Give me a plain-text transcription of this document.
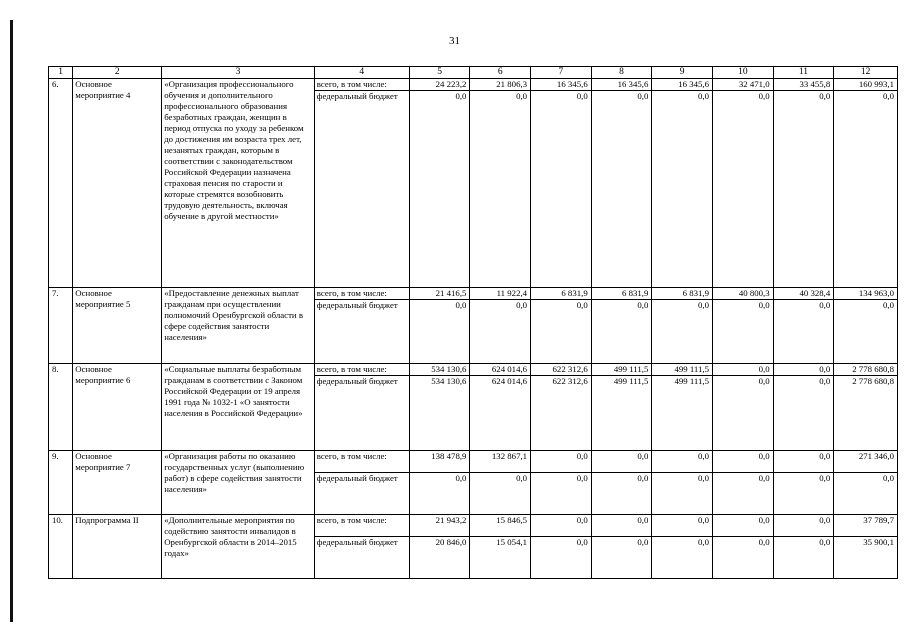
31
1	2	3	4	5	6	7	8	9	10	11	12
6.	Основное мероприятие 4	«Организация профессионального обучения и дополнительного профессионального образования безработных граждан, женщин в период отпуска по уходу за ребенком до достижения им возраста трех лет, незанятых граждан, которым в соответствии с законодательством Российской Федерации назначена страховая пенсия по старости и которые стремятся возобновить трудовую деятельность, включая обучение в другой местности»	всего, в том числе:	24 223,2	21 806,3	16 345,6	16 345,6	16 345,6	32 471,0	33 455,8	160 993,1
			федеральный бюджет	0,0	0,0	0,0	0,0	0,0	0,0	0,0	0,0
7.	Основное мероприятие 5	«Предоставление денежных выплат гражданам при осуществлении полномочий Оренбургской области в сфере содействия занятости населения»	всего, в том числе:	21 416,5	11 922,4	6 831,9	6 831,9	6 831,9	40 800,3	40 328,4	134 963,0
			федеральный бюджет	0,0	0,0	0,0	0,0	0,0	0,0	0,0	0,0
8.	Основное мероприятие 6	«Социальные выплаты безработным гражданам в соответствии с Законом Российской Федерации от 19 апреля 1991 года № 1032-1 «О занятости населения в Российской Федерации»	всего, в том числе:	534 130,6	624 014,6	622 312,6	499 111,5	499 111,5	0,0	0,0	2 778 680,8
			федеральный бюджет	534 130,6	624 014,6	622 312,6	499 111,5	499 111,5	0,0	0,0	2 778 680,8
9.	Основное мероприятие 7	«Организация работы по оказанию государственных услуг (выполнению работ) в сфере содействия занятости населения»	всего, в том числе:	138 478,9	132 867,1	0,0	0,0	0,0	0,0	0,0	271 346,0
			федеральный бюджет	0,0	0,0	0,0	0,0	0,0	0,0	0,0	0,0
10.	Подпрограмма II	«Дополнительные мероприятия по содействию занятости инвалидов в Оренбургской области в 2014–2015 годах»	всего, в том числе:	21 943,2	15 846,5	0,0	0,0	0,0	0,0	0,0	37 789,7
			федеральный бюджет	20 846,0	15 054,1	0,0	0,0	0,0	0,0	0,0	35 900,1
